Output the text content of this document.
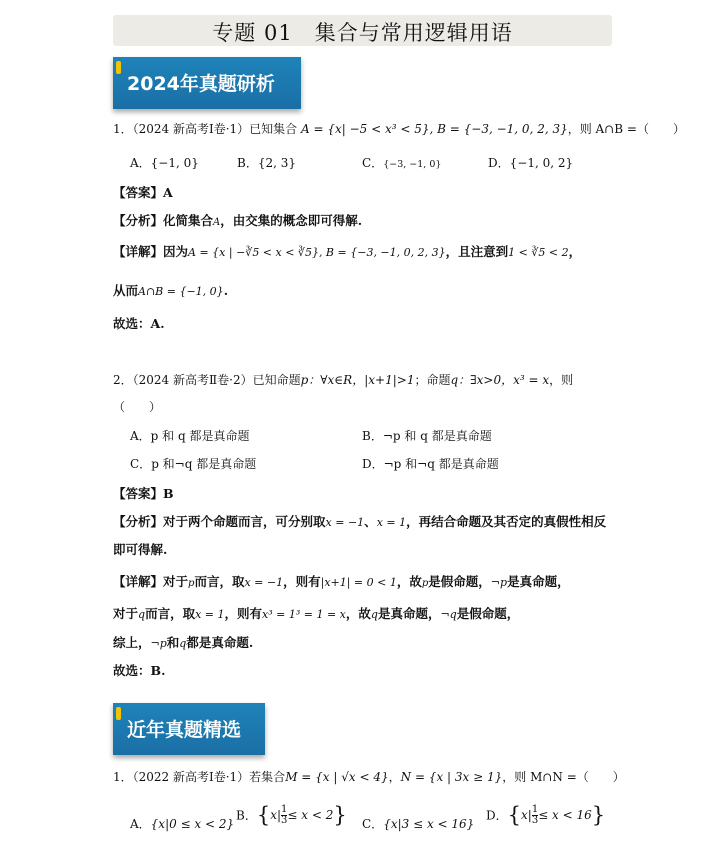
专题 01　集合与常用逻辑用语
2024年真题研析
1．（2024 新高考Ⅰ卷·1）已知集合 A = {x| −5 < x³ < 5}, B = {−3, −1, 0, 2, 3}，则 A∩B =（　　）
A．{−1, 0}	B．{2, 3}	C．{−3, −1, 0}	D．{−1, 0, 2}
【答案】A
【分析】化简集合A，由交集的概念即可得解.
【详解】因为A = {x | −∛5 < x < ∛5}, B = {−3, −1, 0, 2, 3}，且注意到1 < ∛5 < 2，
从而A∩B = {−1, 0}.
故选：A.
2．（2024 新高考Ⅱ卷·2）已知命题p：∀x∈R，|x+1|>1；命题q：∃x>0，x³ = x，则
（　　）
A．p 和 q 都是真命题	B．¬p 和 q 都是真命题
C．p 和¬q 都是真命题	D．¬p 和¬q 都是真命题
【答案】B
【分析】对于两个命题而言，可分别取x = −1、x = 1，再结合命题及其否定的真假性相反
即可得解.
【详解】对于p而言，取x = −1，则有|x+1| = 0 < 1，故p是假命题，¬p是真命题，
对于q而言，取x = 1，则有x³ = 1³ = 1 = x，故q是真命题，¬q是假命题，
综上，¬p和q都是真命题.
故选：B.
近年真题精选
1．（2022 新高考Ⅰ卷·1）若集合M = {x | √x < 4}，N = {x | 3x ≥ 1}，则 M∩N =（　　）
A．{x|0 ≤ x < 2}
B．$\{x| \frac{1}{3} \le x < 2\}$ C．{x|3 ≤ x < 16}
D．$\{x| \frac{1}{3} \le x < 16\}$
